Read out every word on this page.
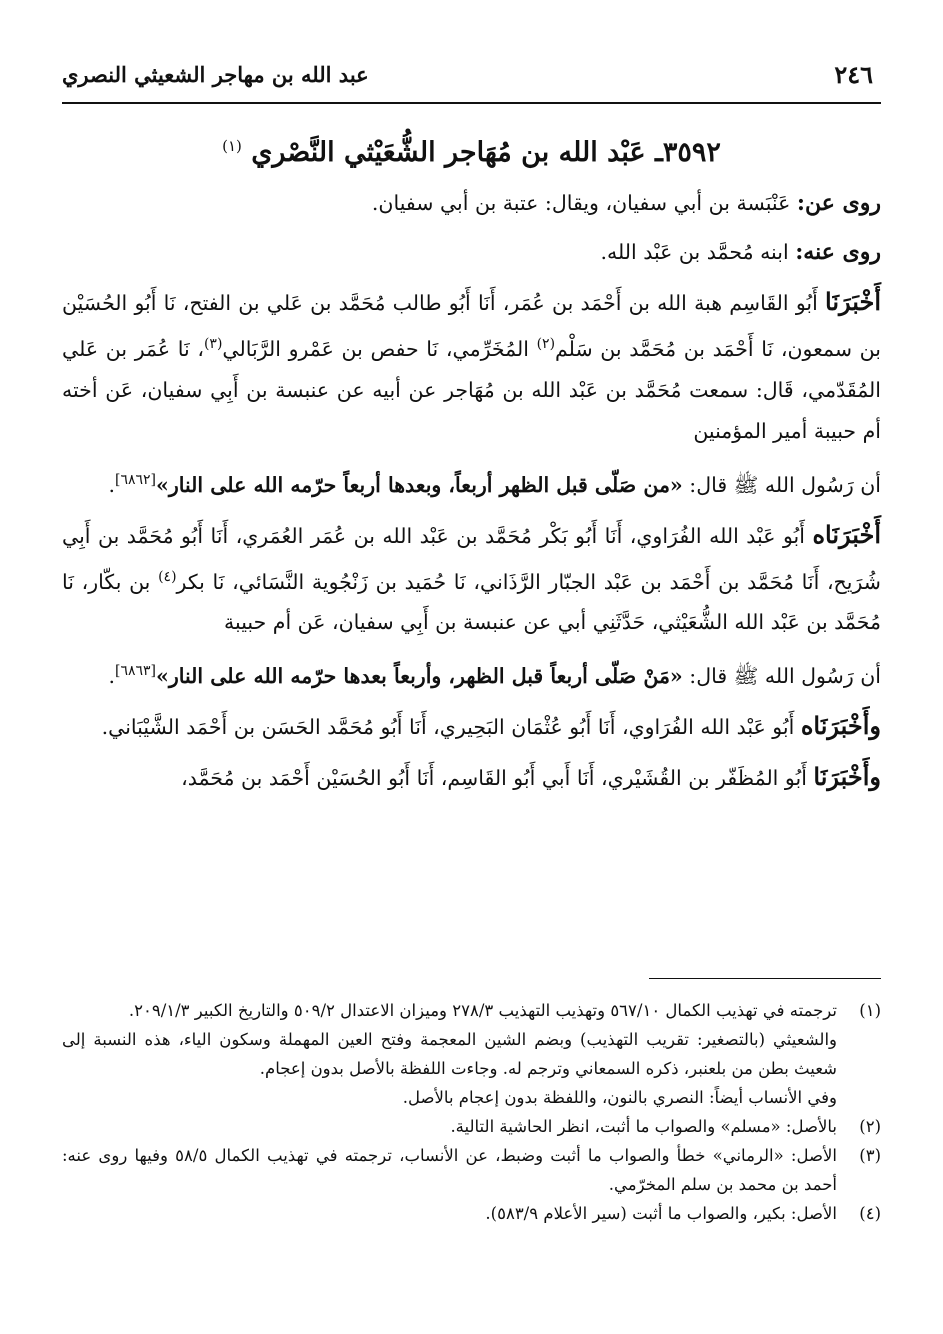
عبد الله بن مهاجر الشعيثي النصري	٢٤٦
٣٥٩٢ـ عَبْد الله بن مُهَاجر الشُّعَيْثي النَّصْري $^{(١)}$

روى عن: عَنْبَسة بن أبي سفيان، ويقال: عتبة بن أبي سفيان.

روى عنه: ابنه مُحمَّد بن عَبْد الله.

أَخْبَرَنَا أَبُو القَاسِم هبة الله بن أَحْمَد بن عُمَر، أَنَا أَبُو طالب مُحَمَّد بن عَلي بن الفتح، نَا أَبُو الحُسَيْن بن سمعون، نَا أَحْمَد بن مُحَمَّد بن سَلْم$^{(٢)}$ المُخَرِّمي، نَا حفص بن عَمْرو الرَّبَالي$^{(٣)}$، نَا عُمَر بن عَلي المُقَدّمي، قَال: سمعت مُحَمَّد بن عَبْد الله بن مُهَاجر عن أبيه عن عنبسة بن أَبِي سفيان، عَن أخته أم حبيبة أمير المؤمنين

أن رَسُول الله ﷺ قال: «من صَلّى قبل الظهر أربعاً، وبعدها أربعاً حرّمه الله على النار»[٦٨٦٢].

أَخْبَرَنَاه أَبُو عَبْد الله الفُرَاوي، أَنَا أَبُو بَكْر مُحَمَّد بن عَبْد الله بن عُمَر العُمَري، أَنَا أَبُو مُحَمَّد بن أَبِي شُرَيح، أَنَا مُحَمَّد بن أَحْمَد بن عَبْد الجبّار الرَّذَاني، نَا حُمَيد بن زَنْجُوية النَّسَائي، نَا بكر$^{(٤)}$ بن بكّار، نَا مُحَمَّد بن عَبْد الله الشُّعَيْثي، حَدَّثَنِي أبي عن عنبسة بن أَبِي سفيان، عَن أم حبيبة

أن رَسُول الله ﷺ قال: «مَنْ صَلّى أربعاً قبل الظهر، وأربعاً بعدها حرّمه الله على النار»[٦٨٦٣].

وأَخْبَرَنَاه أَبُو عَبْد الله الفُرَاوي، أَنَا أَبُو عُثْمَان البَحِيري، أَنَا أَبُو مُحَمَّد الحَسَن بن أَحْمَد الشَّيْبَاني.

وأَخْبَرَنَا أَبُو المُظَفّر بن القُشَيْري، أَنَا أَبي أَبُو القَاسِم، أَنَا أَبُو الحُسَيْن أَحْمَد بن مُحَمَّد،

(١)
ترجمته في تهذيب الكمال ٥٦٧/١٠ وتهذيب التهذيب ٢٧٨/٣ وميزان الاعتدال ٥٠٩/٢ والتاريخ الكبير ٢٠٩/١/٣.
والشعيثي (بالتصغير: تقريب التهذيب) وبضم الشين المعجمة وفتح العين المهملة وسكون الياء، هذه النسبة إلى شعيث بطن من بلعنبر، ذكره السمعاني وترجم له. وجاءت اللفظة بالأصل بدون إعجام.
وفي الأنساب أيضاً: النصري بالنون، واللفظة بدون إعجام بالأصل.
(٢)
بالأصل: «مسلم» والصواب ما أثبت، انظر الحاشية التالية.
(٣)
الأصل: «الرماني» خطأ والصواب ما أثبت وضبط، عن الأنساب، ترجمته في تهذيب الكمال ٥٨/٥ وفيها روى عنه: أحمد بن محمد بن سلم المخرّمي.
(٤)
الأصل: بكير، والصواب ما أثبت (سير الأعلام ٥٨٣/٩).
